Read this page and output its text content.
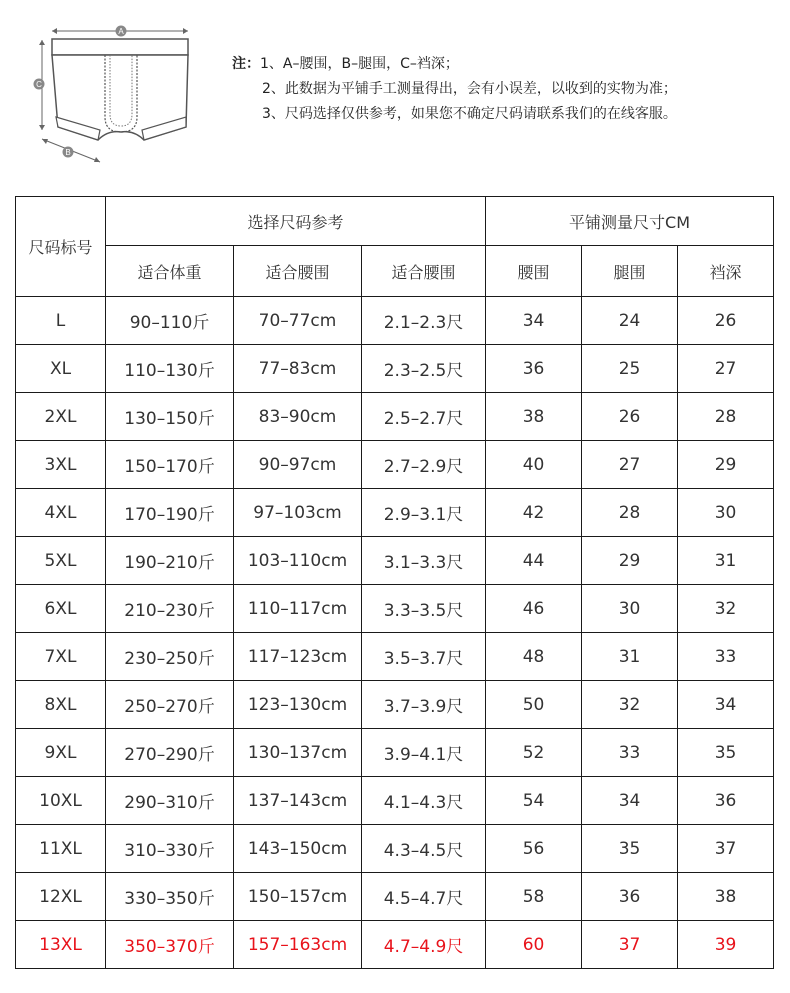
A
C
B
注：1、A–腰围，B–腿围，C–裆深；
2、此数据为平铺手工测量得出，会有小误差，以收到的实物为准；
3、尺码选择仅供参考，如果您不确定尺码请联系我们的在线客服。
尺码标号	选择尺码参考			平铺测量尺寸CM		
	适合体重	适合腰围	适合腰围	腰围	腿围	裆深
L	90–110斤	70–77cm	2.1–2.3尺	34	24	26
XL	110–130斤	77–83cm	2.3–2.5尺	36	25	27
2XL	130–150斤	83–90cm	2.5–2.7尺	38	26	28
3XL	150–170斤	90–97cm	2.7–2.9尺	40	27	29
4XL	170–190斤	97–103cm	2.9–3.1尺	42	28	30
5XL	190–210斤	103–110cm	3.1–3.3尺	44	29	31
6XL	210–230斤	110–117cm	3.3–3.5尺	46	30	32
7XL	230–250斤	117–123cm	3.5–3.7尺	48	31	33
8XL	250–270斤	123–130cm	3.7–3.9尺	50	32	34
9XL	270–290斤	130–137cm	3.9–4.1尺	52	33	35
10XL	290–310斤	137–143cm	4.1–4.3尺	54	34	36
11XL	310–330斤	143–150cm	4.3–4.5尺	56	35	37
12XL	330–350斤	150–157cm	4.5–4.7尺	58	36	38
13XL	350–370斤	157–163cm	4.7–4.9尺	60	37	39
